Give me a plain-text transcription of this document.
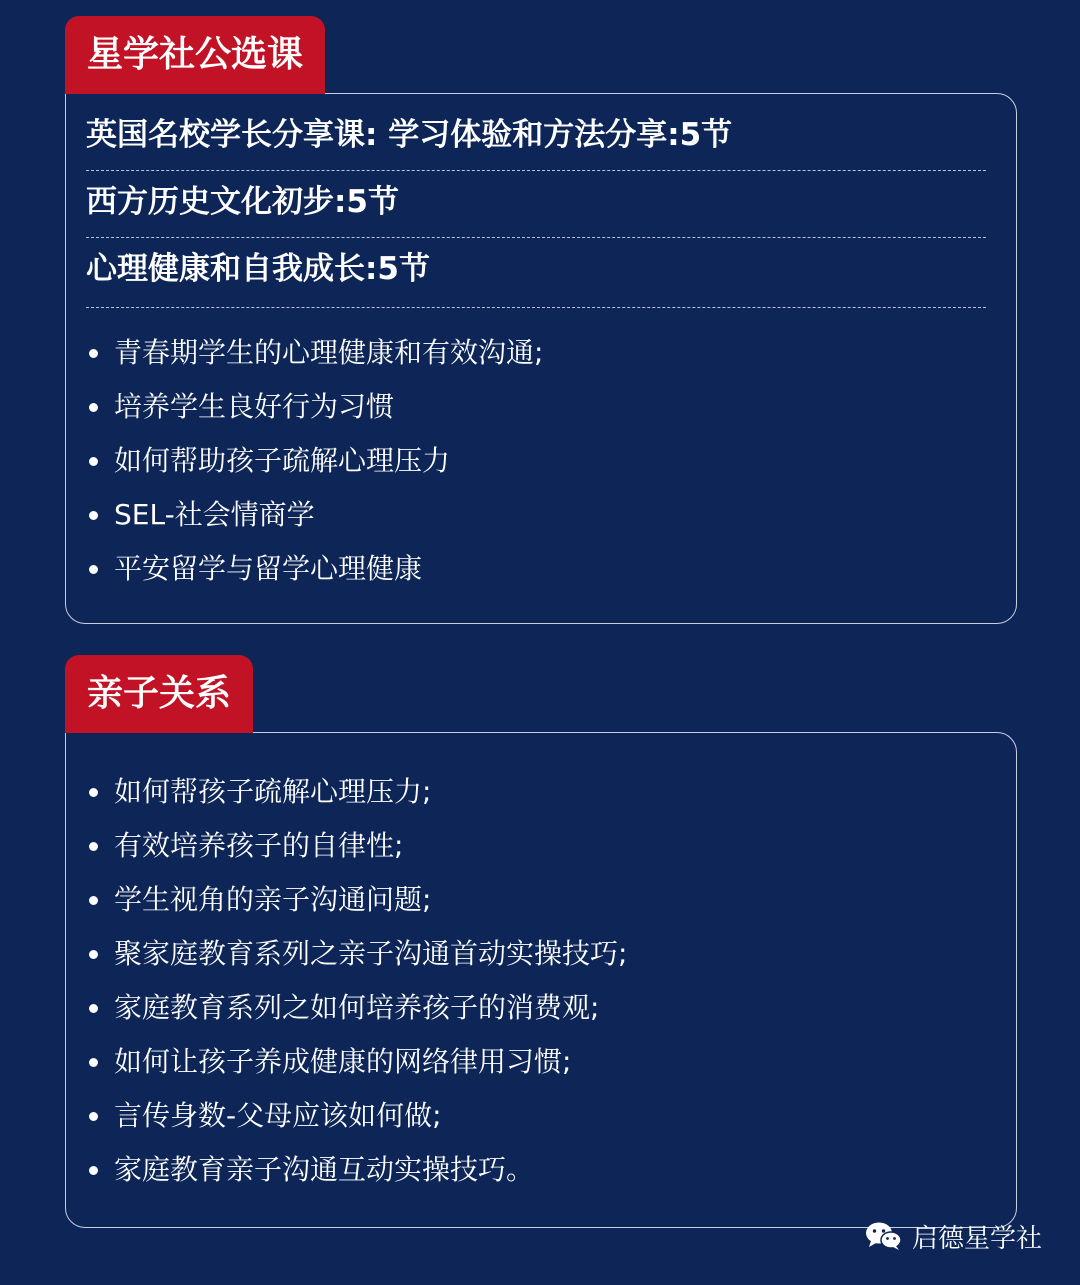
星学社公选课
英国名校学长分享课: 学习体验和方法分享:5节
西方历史文化初步:5节
心理健康和自我成长:5节
青春期学生的心理健康和有效沟通;
培养学生良好行为习惯
如何帮助孩子疏解心理压力
SEL-社会情商学
平安留学与留学心理健康
亲子关系
如何帮孩子疏解心理压力;
有效培养孩子的自律性;
学生视角的亲子沟通问题;
聚家庭教育系列之亲子沟通首动实操技巧;
家庭教育系列之如何培养孩子的消费观;
如何让孩子养成健康的网络律用习惯;
言传身数-父母应该如何做;
家庭教育亲子沟通互动实操技巧。
启德星学社
